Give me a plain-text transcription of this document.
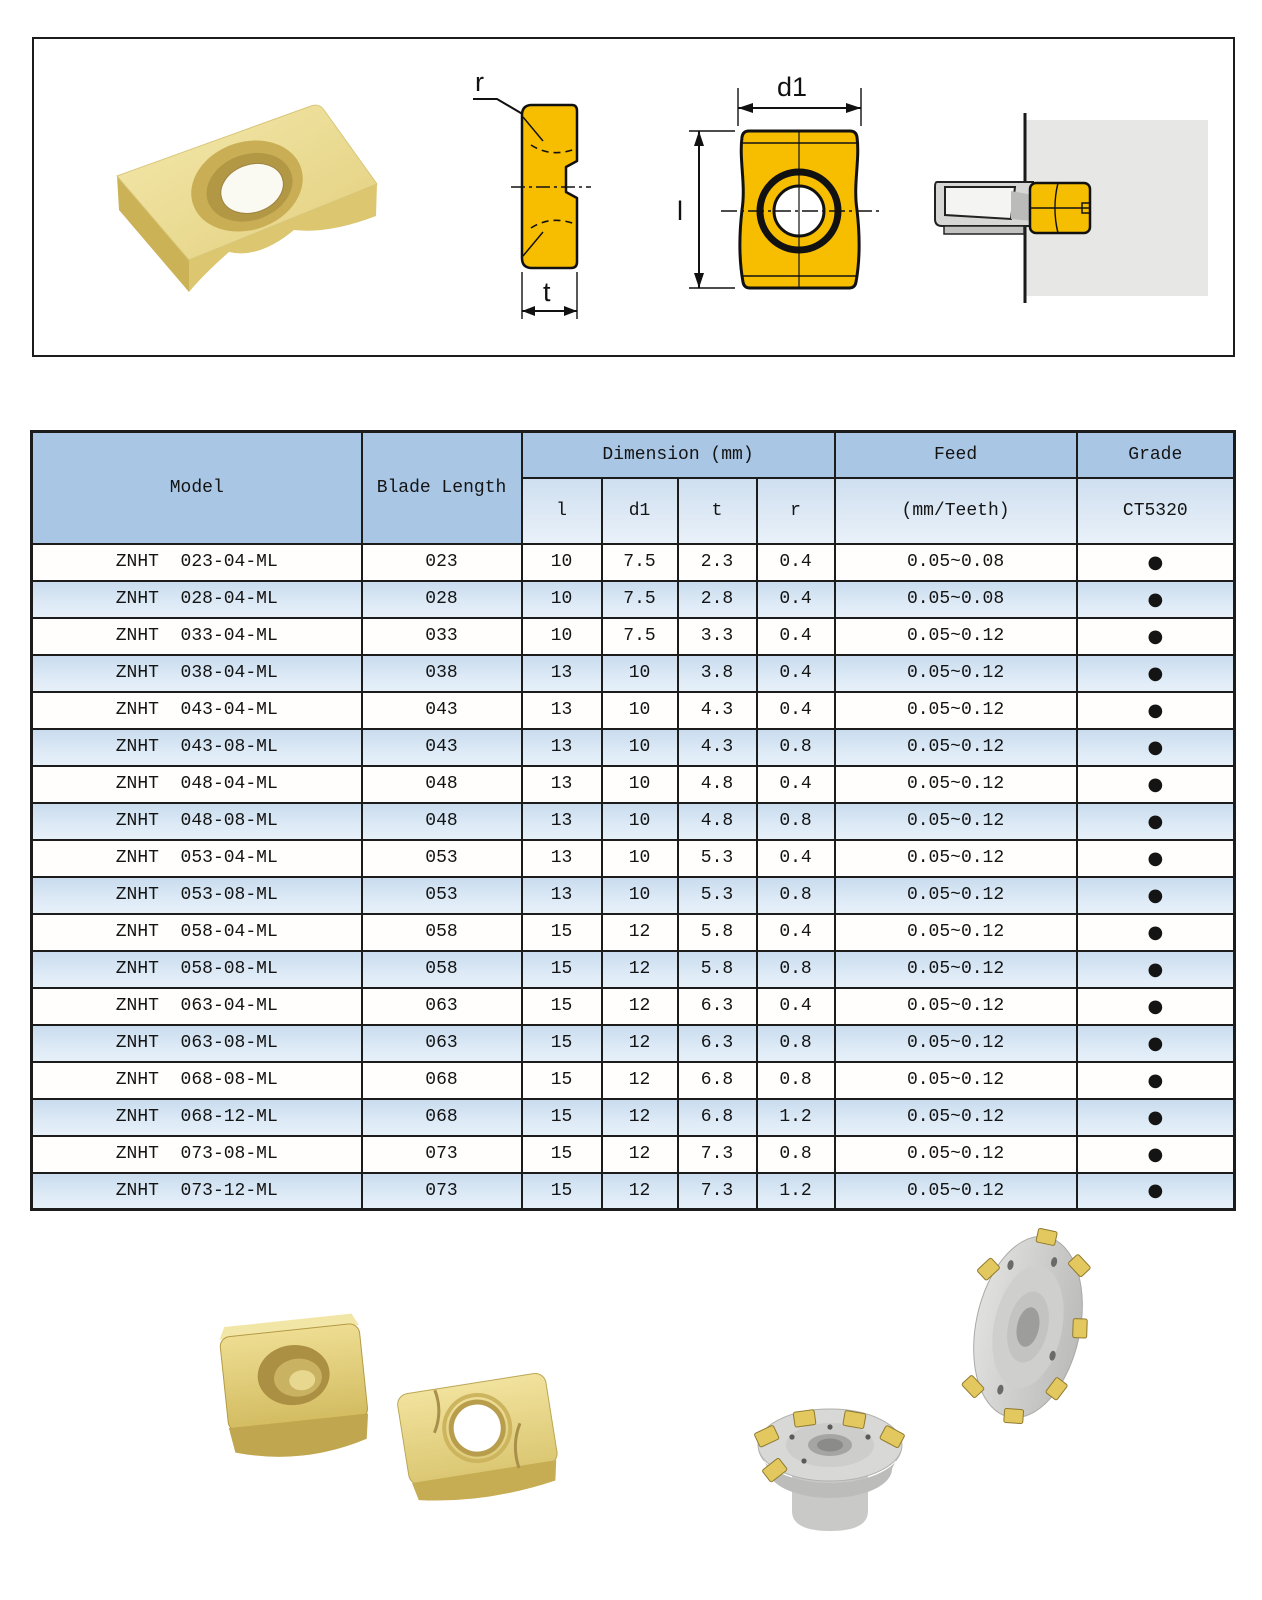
r
t
d1
l
Model	Blade Length	Dimension (mm)				Feed	Grade
		l	d1	t	r	(mm/Teeth)	CT5320
ZNHT  023-04-ML	023	10	7.5	2.3	0.4	0.05~0.08	●
ZNHT  028-04-ML	028	10	7.5	2.8	0.4	0.05~0.08	●
ZNHT  033-04-ML	033	10	7.5	3.3	0.4	0.05~0.12	●
ZNHT  038-04-ML	038	13	10	3.8	0.4	0.05~0.12	●
ZNHT  043-04-ML	043	13	10	4.3	0.4	0.05~0.12	●
ZNHT  043-08-ML	043	13	10	4.3	0.8	0.05~0.12	●
ZNHT  048-04-ML	048	13	10	4.8	0.4	0.05~0.12	●
ZNHT  048-08-ML	048	13	10	4.8	0.8	0.05~0.12	●
ZNHT  053-04-ML	053	13	10	5.3	0.4	0.05~0.12	●
ZNHT  053-08-ML	053	13	10	5.3	0.8	0.05~0.12	●
ZNHT  058-04-ML	058	15	12	5.8	0.4	0.05~0.12	●
ZNHT  058-08-ML	058	15	12	5.8	0.8	0.05~0.12	●
ZNHT  063-04-ML	063	15	12	6.3	0.4	0.05~0.12	●
ZNHT  063-08-ML	063	15	12	6.3	0.8	0.05~0.12	●
ZNHT  068-08-ML	068	15	12	6.8	0.8	0.05~0.12	●
ZNHT  068-12-ML	068	15	12	6.8	1.2	0.05~0.12	●
ZNHT  073-08-ML	073	15	12	7.3	0.8	0.05~0.12	●
ZNHT  073-12-ML	073	15	12	7.3	1.2	0.05~0.12	●
